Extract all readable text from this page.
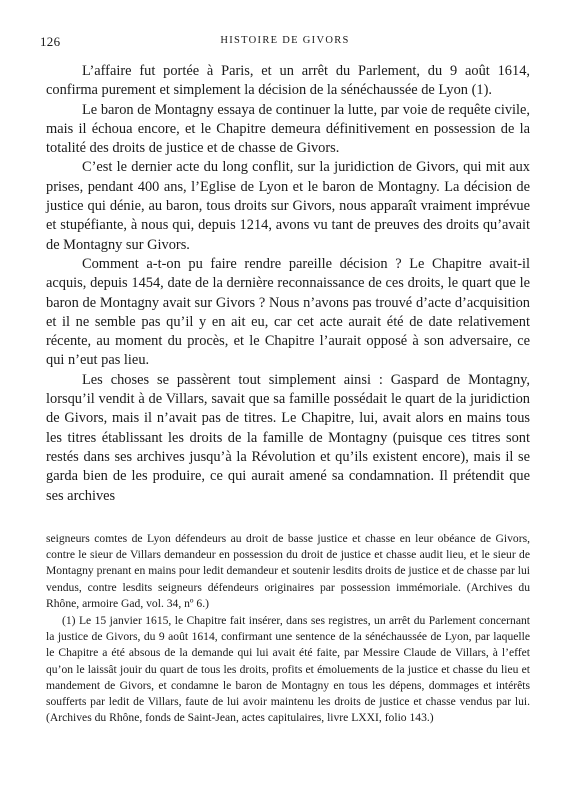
126	HISTOIRE DE GIVORS

L’affaire fut portée à Paris, et un arrêt du Parlement, du 9 août 1614, confirma purement et simplement la décision de la sénéchaussée de Lyon (1).

Le baron de Montagny essaya de continuer la lutte, par voie de requête civile, mais il échoua encore, et le Chapitre demeura définitivement en possession de la totalité des droits de justice et de chasse de Givors.

C’est le dernier acte du long conflit, sur la juridiction de Givors, qui mit aux prises, pendant 400 ans, l’Eglise de Lyon et le baron de Montagny. La décision de justice qui dénie, au baron, tous droits sur Givors, nous apparaît vraiment imprévue et stupéfiante, à nous qui, depuis 1214, avons vu tant de preuves des droits qu’avait de Montagny sur Givors.

Comment a-t-on pu faire rendre pareille décision ? Le Chapitre avait-il acquis, depuis 1454, date de la dernière reconnaissance de ces droits, le quart que le baron de Montagny avait sur Givors ? Nous n’avons pas trouvé d’acte d’acquisition et il ne semble pas qu’il y en ait eu, car cet acte aurait été de date relativement récente, au moment du procès, et le Chapitre l’aurait opposé à son adversaire, ce qui n’eut pas lieu.

Les choses se passèrent tout simplement ainsi : Gaspard de Montagny, lorsqu’il vendit à de Villars, savait que sa famille possédait le quart de la juridiction de Givors, mais il n’avait pas de titres. Le Chapitre, lui, avait alors en mains tous les titres établissant les droits de la famille de Montagny (puisque ces titres sont restés dans ses archives jusqu’à la Révolution et qu’ils existent encore), mais il se garda bien de les produire, ce qui aurait amené sa condamnation. Il prétendit que ses archives

seigneurs comtes de Lyon défendeurs au droit de basse justice et chasse en leur obéance de Givors, contre le sieur de Villars demandeur en possession du droit de justice et chasse audit lieu, et le sieur de Montagny prenant en mains pour ledit demandeur et soutenir lesdits droits de justice et de chasse par lui vendus, contre lesdits seigneurs défendeurs originaires par possession immémoriale. (Archives du Rhône, armoire Gad, vol. 34, nº 6.)

(1) Le 15 janvier 1615, le Chapitre fait insérer, dans ses registres, un arrêt du Parlement concernant la justice de Givors, du 9 août 1614, confirmant une sentence de la sénéchaussée de Lyon, par laquelle le Chapitre a été absous de la demande qui lui avait été faite, par Messire Claude de Villars, à l’effet qu’on le laissât jouir du quart de tous les droits, profits et émoluements de la justice et chasse du lieu et mandement de Givors, et condamne le baron de Montagny en tous les dépens, dommages et intérêts soufferts par ledit de Villars, faute de lui avoir maintenu les droits de justice et chasse vendus par lui. (Archives du Rhône, fonds de Saint-Jean, actes capitulaires, livre LXXI, folio 143.)
